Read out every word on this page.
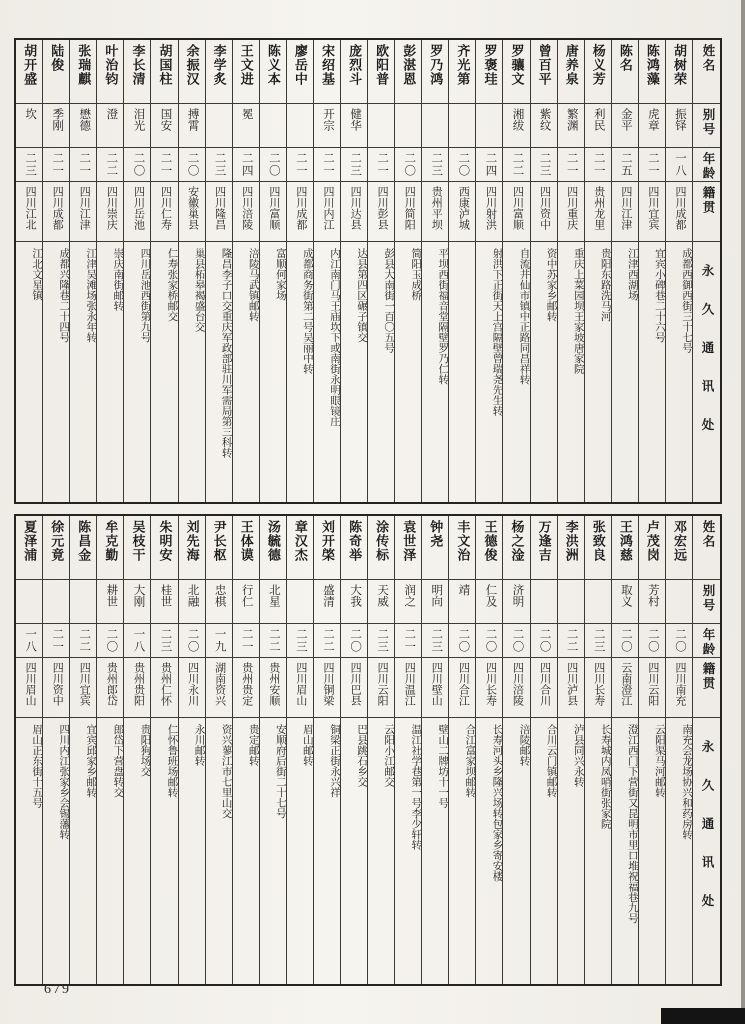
姓名
别号
年龄
籍贯
永久通讯处
胡树荣
振铎
一八
四川成都
成都西御西街三十七号
陈鸿藻
虎章
二一
四川宜宾
宜宾小碑巷二十六号
陈名
金平
二五
四川江津
江津西湖场
杨义芳
利民
二一
贵州龙里
贵阳东路洗马河
唐养泉
繁渊
二一
四川重庆
重庆上菜园坝王家坡唐家院
曾百平
紫纹
二三
四川资中
资中苏家乡邮转
罗骧文
湘绂
二二
四川富顺
自流井仙市镇中正路同昌祥转
罗褒珪
二四
四川射洪
射洪下正街天上宫隔壁曾瑞尧先生转
齐光第
二〇
西康泸城
罗乃鸿
二三
贵州平坝
平坝西街福音堂隔壁罗乃仁转
彭湛恩
二〇
四川简阳
简阳玉成桥
欧阳普
二一
四川彭县
彭县大南街一百〇五号
庞烈斗
健华
二三
四川达县
达县第四区碾子镇交
宋绍基
开宗
二一
四川内江
内江南门马王庙坎下或南街永明眼镜庄
廖岳中
二一
四川成都
成都商务街第二号吴丽中转
陈义本
二〇
四川富顺
富顺何家场
王文进
冕
二四
四川涪陵
涪陵马武镇邮转
李学炙
二三
四川隆昌
隆昌李子口交重庆军政部驻川军需局第三科转
余振汉
搏霄
二〇
安徽巢县
巢县柘皋褐盛台交
胡国柱
国安
二一
四川仁寿
仁寿张家桥邮交
李长清
泪光
二〇
四川岳池
四川岳池西街第九号
叶治钧
澄
二二
四川崇庆
崇庆南街邮转
张瑞麒
懋德
二一
四川江津
江津吴滩场张永年转
陆俊
季刚
二一
四川成都
成都兴隆巷二十四号
胡开盛
坎
二三
四川江北
江北文星镇
姓名
别号
年龄
籍贯
永久通讯处
邓宏远
二〇
四川南充
南充会龙场协兴和药房转
卢茂岗
芳村
二〇
四川云阳
云阳渠马河邮转
王鸿慈
取义
二〇
云南澄江
澄江西门下营街又昆明市里口堆祝福巷九号
张致良
二三
四川长寿
长寿城内凤哨街张家院
李洪洲
二二
四川泸县
泸县同兴永转
万逢吉
二〇
四川合川
合川云门镇邮转
杨之淦
济明
二〇
四川涪陵
涪陵邮转
王德俊
仁及
二〇
四川长寿
长寿河头乡隆兴场转包家乡寄安楼
丰文治
靖
二〇
四川合江
合江富家坝邮转
钟尧
明向
二三
四川壁山
壁山二牌坊十一号
袁世泽
润之
二一
四川温江
温江社学巷第一号李少轩转
涂传标
天威
二三
四川云阳
云阳小江邮交
陈奇举
大我
二〇
四川巴县
巴县跳石乡交
刘开棨
盛清
二二
四川铜梁
铜梁正街永兴祥
章汉杰
二三
四川眉山
眉山邮转
汤毓德
北星
二二
贵州安顺
安顺府后街二十七号
王体谟
行仁
二一
贵州贵定
贵定邮转
尹长枢
忠棋
一九
湖南资兴
资兴蓼江市七里山交
刘先海
北融
二〇
四川永川
永川邮转
朱明安
桂世
二三
贵州仁怀
仁怀鲁班场邮转
吴枝干
大刚
一八
贵州贵阳
贵阳狗场交
牟克勤
耕世
二〇
贵州郎岱
郎岱下营盘转交
陈昌金
二二
四川宜宾
宜宾邱家乡邮转
徐元竟
二一
四川资中
四川内江张家乡会锡藩转
夏泽浦
一八
四川眉山
眉山正东街十五号
679
